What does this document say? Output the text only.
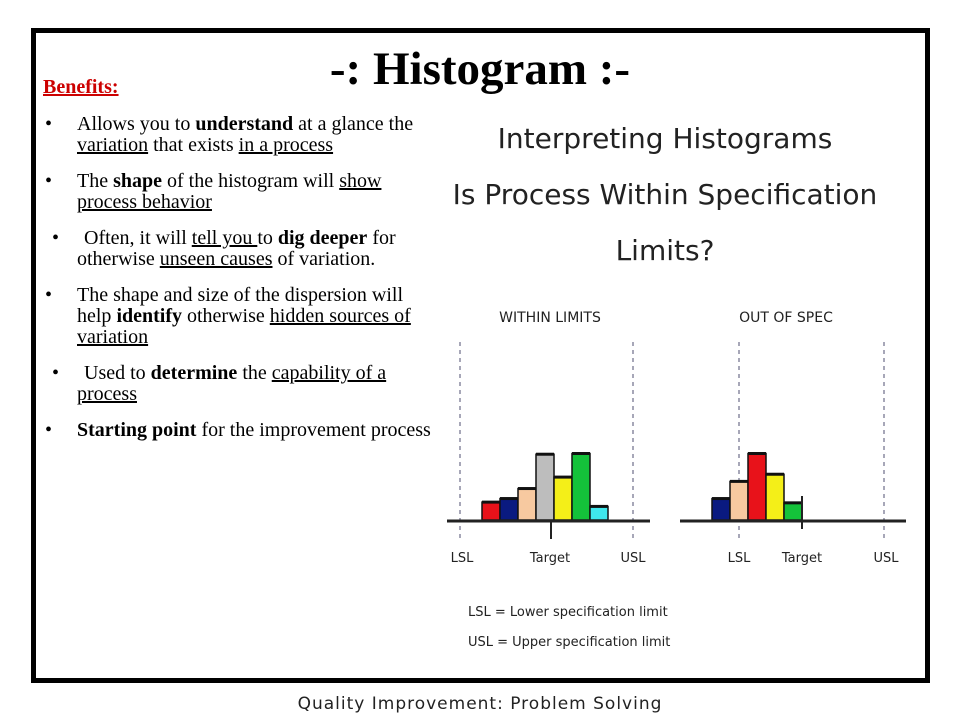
-: Histogram :-
Benefits:
• Allows you to understand at a glance the variation that exists in a process
• The shape of the histogram will show process behavior
• Often, it will tell you to dig deeper for otherwise unseen causes of variation.
• The shape and size of the dispersion will help identify otherwise hidden sources of variation
• Used to determine the capability of a process
• Starting point for the improvement process
Interpreting Histograms
Is Process Within Specification
Limits?
WITHIN LIMITS
LSL	Target	USL
OUT OF SPEC
LSL Target	USL
LSL = Lower specification limit
USL = Upper specification limit
Quality Improvement: Problem Solving
